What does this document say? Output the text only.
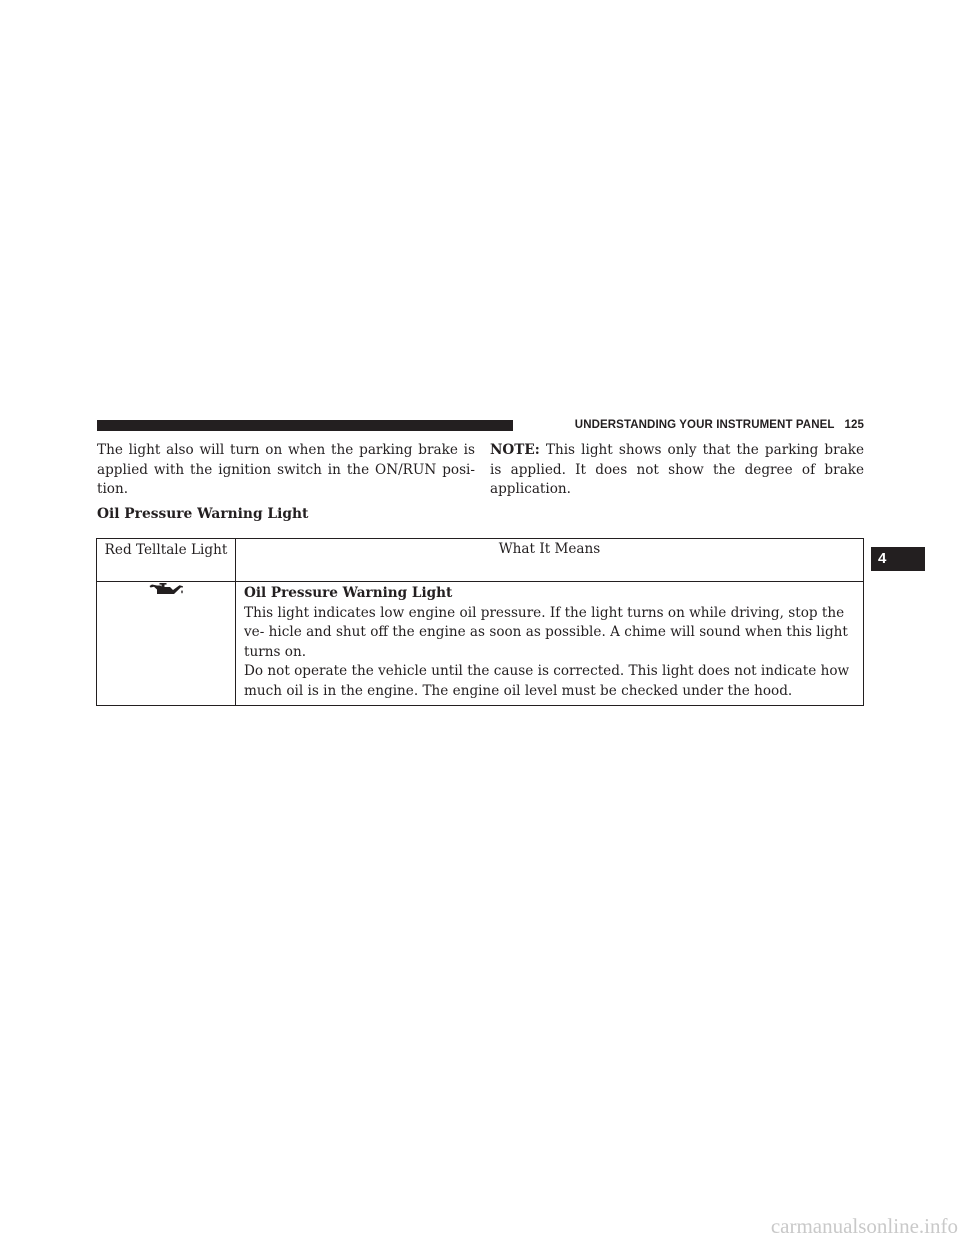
UNDERSTANDING YOUR INSTRUMENT PANEL 125
The light also will turn on when the parking brake is applied with the ignition switch in the ON/RUN posi- tion.
NOTE: This light shows only that the parking brake is applied. It does not show the degree of brake application.
Oil Pressure Warning Light
Red Telltale Light	What It Means

Oil Pressure Warning Light
This light indicates low engine oil pressure. If the light turns on while driving, stop the ve- hicle and shut off the engine as soon as possible. A chime will sound when this light turns on.
Do not operate the vehicle until the cause is corrected. This light does not indicate how much oil is in the engine. The engine oil level must be checked under the hood.
4
carmanualsonline.info
